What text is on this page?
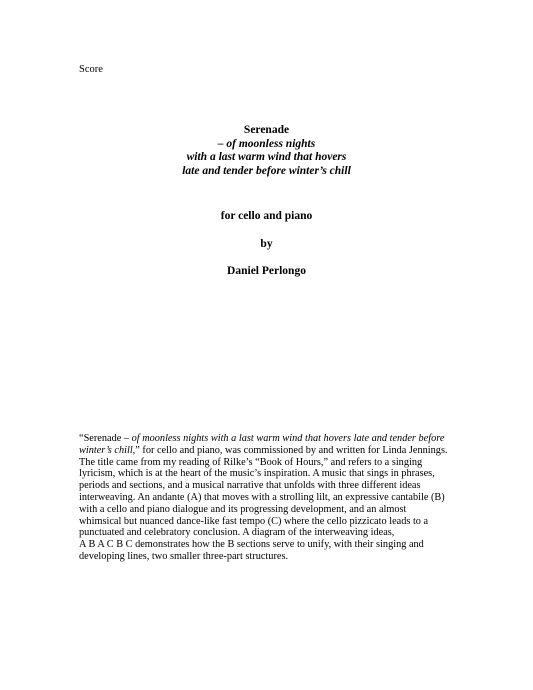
Score

Serenade
– of moonless nights
with a last warm wind that hovers
late and tender before winter’s chill

for cello and piano

by

Daniel Perlongo

“Serenade – of moonless nights with a last warm wind that hovers late and tender before
winter’s chill,” for cello and piano, was commissioned by and written for Linda Jennings.
The title came from my reading of Rilke’s “Book of Hours,” and refers to a singing
lyricism, which is at the heart of the music’s inspiration. A music that sings in phrases,
periods and sections, and a musical narrative that unfolds with three different ideas
interweaving. An andante (A) that moves with a strolling lilt, an expressive cantabile (B)
with a cello and piano dialogue and its progressing development, and an almost
whimsical but nuanced dance-like fast tempo (C) where the cello pizzicato leads to a
punctuated and celebratory conclusion. A diagram of the interweaving ideas,
A B A C B C demonstrates how the B sections serve to unify, with their singing and
developing lines, two smaller three-part structures.
